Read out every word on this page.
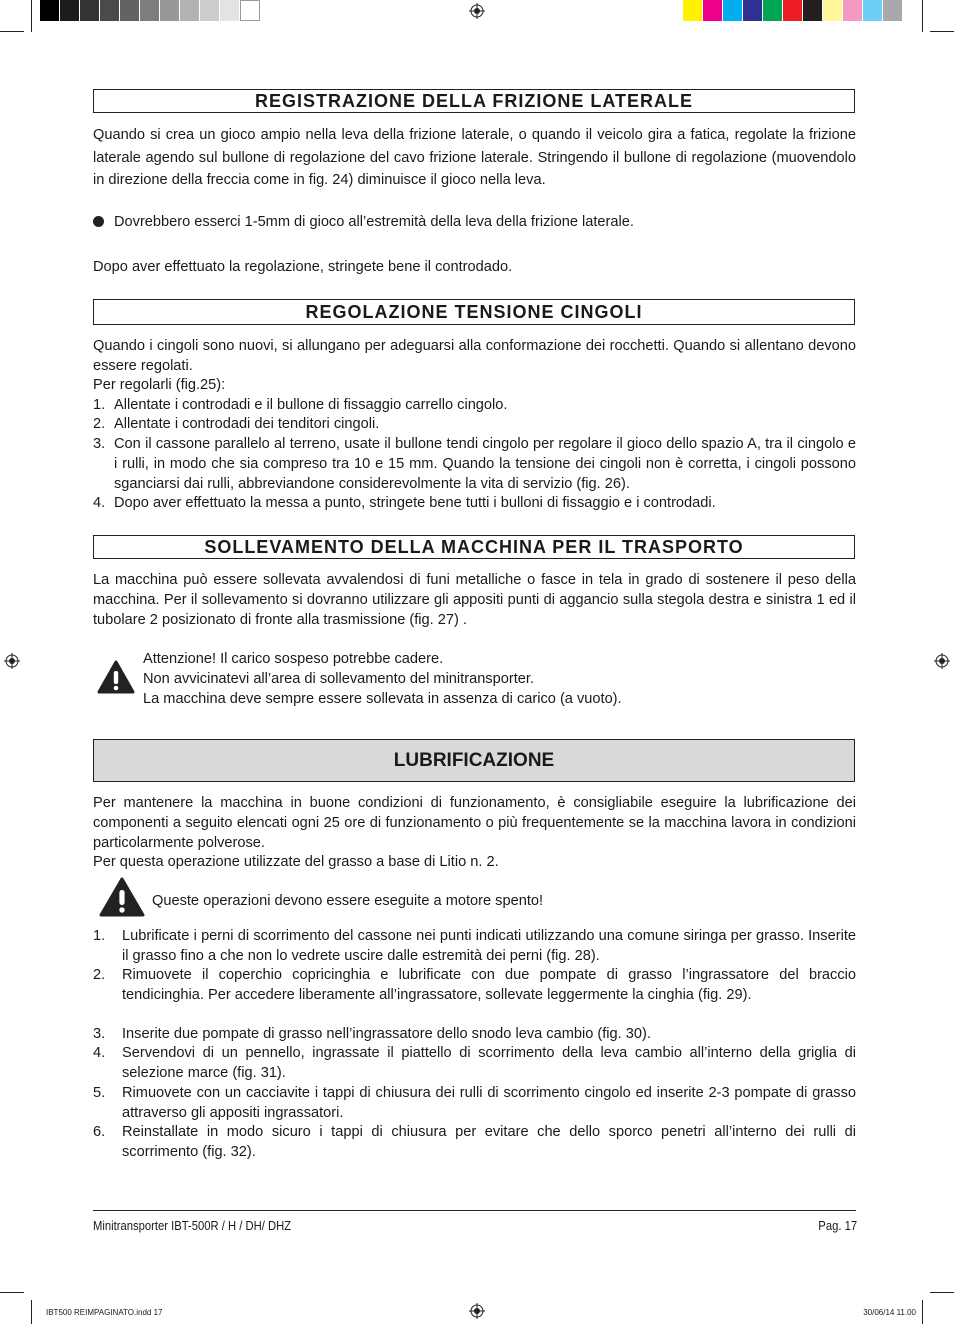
REGISTRAZIONE DELLA FRIZIONE LATERALE
Quando si crea un gioco ampio nella leva della frizione laterale, o quando il veicolo gira a fatica, regolate la frizione laterale agendo sul bullone di regolazione del cavo frizione laterale. Stringendo il bullone di regolazione (muovendolo in direzione della freccia come in fig. 24) diminuisce il gioco nella leva.
Dovrebbero esserci 1-5mm di gioco all’estremità della leva della frizione laterale.
Dopo aver effettuato la regolazione, stringete bene il controdado.
REGOLAZIONE TENSIONE CINGOLI
Quando i cingoli sono nuovi, si allungano per adeguarsi alla conformazione dei rocchetti. Quando si allentano devono essere regolati.
Per regolarli (fig.25):
1. Allentate i controdadi e il bullone di fissaggio carrello cingolo.
2. Allentate i controdadi dei tenditori cingoli.
3. Con il cassone parallelo al terreno, usate il bullone tendi cingolo per regolare il gioco dello spazio A, tra il cingolo e i rulli, in modo che sia compreso tra 10 e 15 mm. Quando la tensione dei cingoli non è corretta, i cingoli possono sganciarsi dai rulli, abbreviandone considerevolmente la vita di servizio (fig. 26).
4. Dopo aver effettuato la messa a punto, stringete bene tutti i bulloni di fissaggio e i controdadi.
SOLLEVAMENTO DELLA MACCHINA PER IL TRASPORTO
La macchina può essere sollevata avvalendosi di funi metalliche o fasce in tela in grado di sostenere il peso della macchina. Per il sollevamento si dovranno utilizzare gli appositi punti di aggancio sulla stegola destra e sinistra 1 ed il tubolare 2 posizionato di fronte alla trasmissione (fig. 27) .
Attenzione! Il carico sospeso potrebbe cadere.
Non avvicinatevi all’area di sollevamento del minitransporter.
La macchina deve sempre essere sollevata in assenza di carico (a vuoto).
LUBRIFICAZIONE
Per mantenere la macchina in buone condizioni di funzionamento, è consigliabile eseguire la lubrificazione dei componenti a seguito elencati ogni 25 ore di funzionamento o più frequentemente se la macchina lavora in condizioni particolarmente polverose.
Per questa operazione utilizzate del grasso a base di Litio n. 2.
Queste operazioni devono essere eseguite a motore spento!
1. Lubrificate i perni di scorrimento del cassone nei punti indicati utilizzando una comune siringa per grasso. Inserite il grasso fino a che non lo vedrete uscire dalle estremità dei perni (fig. 28).
2. Rimuovete il coperchio copricinghia e lubrificate con due pompate di grasso l’ingrassatore del braccio tendicinghia. Per accedere liberamente all’ingrassatore, sollevate leggermente la cinghia (fig. 29).
3. Inserite due pompate di grasso nell’ingrassatore dello snodo leva cambio (fig. 30).
4. Servendovi di un pennello, ingrassate il piattello di scorrimento della leva cambio all’interno della griglia di selezione marce (fig. 31).
5. Rimuovete con un cacciavite i tappi di chiusura dei rulli di scorrimento cingolo ed inserite 2-3 pompate di grasso attraverso gli appositi ingrassatori.
6. Reinstallate in modo sicuro i tappi di chiusura per evitare che dello sporco penetri all’interno dei rulli di scorrimento (fig. 32).
Minitransporter IBT-500R / H / DH/ DHZ	Pag. 17
IBT500 REIMPAGINATO.indd 17	30/06/14 11.00
